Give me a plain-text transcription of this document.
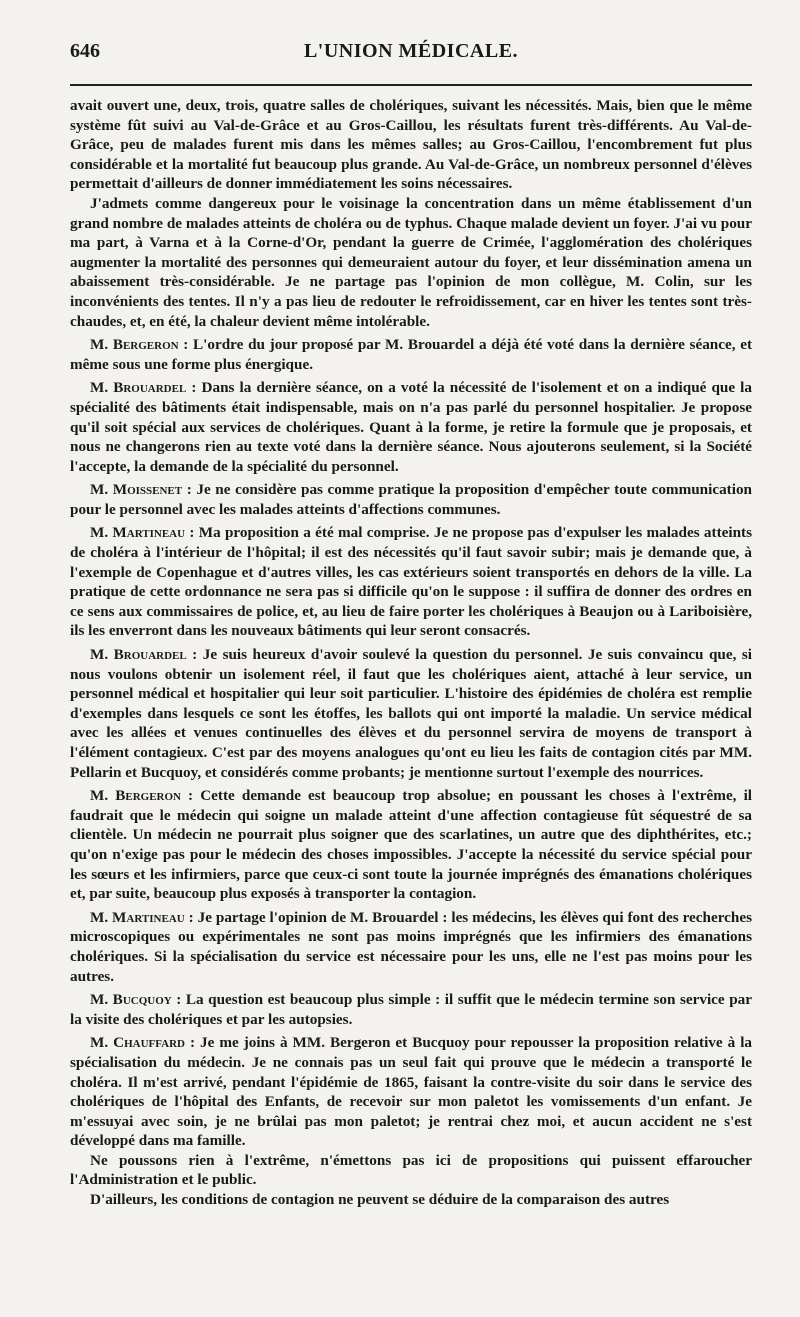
646	L'UNION MÉDICALE.

avait ouvert une, deux, trois, quatre salles de cholériques, suivant les nécessités. Mais, bien que le même système fût suivi au Val-de-Grâce et au Gros-Caillou, les résultats furent très-différents. Au Val-de-Grâce, peu de malades furent mis dans les mêmes salles; au Gros-Caillou, l'encombrement fut plus considérable et la mortalité fut beaucoup plus grande. Au Val-de-Grâce, un nombreux personnel d'élèves permettait d'ailleurs de donner immédiatement les soins nécessaires.

J'admets comme dangereux pour le voisinage la concentration dans un même établissement d'un grand nombre de malades atteints de choléra ou de typhus. Chaque malade devient un foyer. J'ai vu pour ma part, à Varna et à la Corne-d'Or, pendant la guerre de Crimée, l'agglomération des cholériques augmenter la mortalité des personnes qui demeuraient autour du foyer, et leur dissémination amena un abaissement très-considérable. Je ne partage pas l'opinion de mon collègue, M. Colin, sur les inconvénients des tentes. Il n'y a pas lieu de redouter le refroidissement, car en hiver les tentes sont très-chaudes, et, en été, la chaleur devient même intolérable.

M. Bergeron : L'ordre du jour proposé par M. Brouardel a déjà été voté dans la dernière séance, et même sous une forme plus énergique.

M. Brouardel : Dans la dernière séance, on a voté la nécessité de l'isolement et on a indiqué que la spécialité des bâtiments était indispensable, mais on n'a pas parlé du personnel hospitalier. Je propose qu'il soit spécial aux services de cholériques. Quant à la forme, je retire la formule que je proposais, et nous ne changerons rien au texte voté dans la dernière séance. Nous ajouterons seulement, si la Société l'accepte, la demande de la spécialité du personnel.

M. Moissenet : Je ne considère pas comme pratique la proposition d'empêcher toute communication pour le personnel avec les malades atteints d'affections communes.

M. Martineau : Ma proposition a été mal comprise. Je ne propose pas d'expulser les malades atteints de choléra à l'intérieur de l'hôpital; il est des nécessités qu'il faut savoir subir; mais je demande que, à l'exemple de Copenhague et d'autres villes, les cas extérieurs soient transportés en dehors de la ville. La pratique de cette ordonnance ne sera pas si difficile qu'on le suppose : il suffira de donner des ordres en ce sens aux commissaires de police, et, au lieu de faire porter les cholériques à Beaujon ou à Lariboisière, ils les enverront dans les nouveaux bâtiments qui leur seront consacrés.

M. Brouardel : Je suis heureux d'avoir soulevé la question du personnel. Je suis convaincu que, si nous voulons obtenir un isolement réel, il faut que les cholériques aient, attaché à leur service, un personnel médical et hospitalier qui leur soit particulier. L'histoire des épidémies de choléra est remplie d'exemples dans lesquels ce sont les étoffes, les ballots qui ont importé la maladie. Un service médical avec les allées et venues continuelles des élèves et du personnel servira de moyens de transport à l'élément contagieux. C'est par des moyens analogues qu'ont eu lieu les faits de contagion cités par MM. Pellarin et Bucquoy, et considérés comme probants; je mentionne surtout l'exemple des nourrices.

M. Bergeron : Cette demande est beaucoup trop absolue; en poussant les choses à l'extrême, il faudrait que le médecin qui soigne un malade atteint d'une affection contagieuse fût séquestré de sa clientèle. Un médecin ne pourrait plus soigner que des scarlatines, un autre que des diphthérites, etc.; qu'on n'exige pas pour le médecin des choses impossibles. J'accepte la nécessité du service spécial pour les sœurs et les infirmiers, parce que ceux-ci sont toute la journée imprégnés des émanations cholériques et, par suite, beaucoup plus exposés à transporter la contagion.

M. Martineau : Je partage l'opinion de M. Brouardel : les médecins, les élèves qui font des recherches microscopiques ou expérimentales ne sont pas moins imprégnés que les infirmiers des émanations cholériques. Si la spécialisation du service est nécessaire pour les uns, elle ne l'est pas moins pour les autres.

M. Bucquoy : La question est beaucoup plus simple : il suffit que le médecin termine son service par la visite des cholériques et par les autopsies.

M. Chauffard : Je me joins à MM. Bergeron et Bucquoy pour repousser la proposition relative à la spécialisation du médecin. Je ne connais pas un seul fait qui prouve que le médecin a transporté le choléra. Il m'est arrivé, pendant l'épidémie de 1865, faisant la contre-visite du soir dans le service des cholériques de l'hôpital des Enfants, de recevoir sur mon paletot les vomissements d'un enfant. Je m'essuyai avec soin, je ne brûlai pas mon paletot; je rentrai chez moi, et aucun accident ne s'est développé dans ma famille.

Ne poussons rien à l'extrême, n'émettons pas ici de propositions qui puissent effaroucher l'Administration et le public.

D'ailleurs, les conditions de contagion ne peuvent se déduire de la comparaison des autres
